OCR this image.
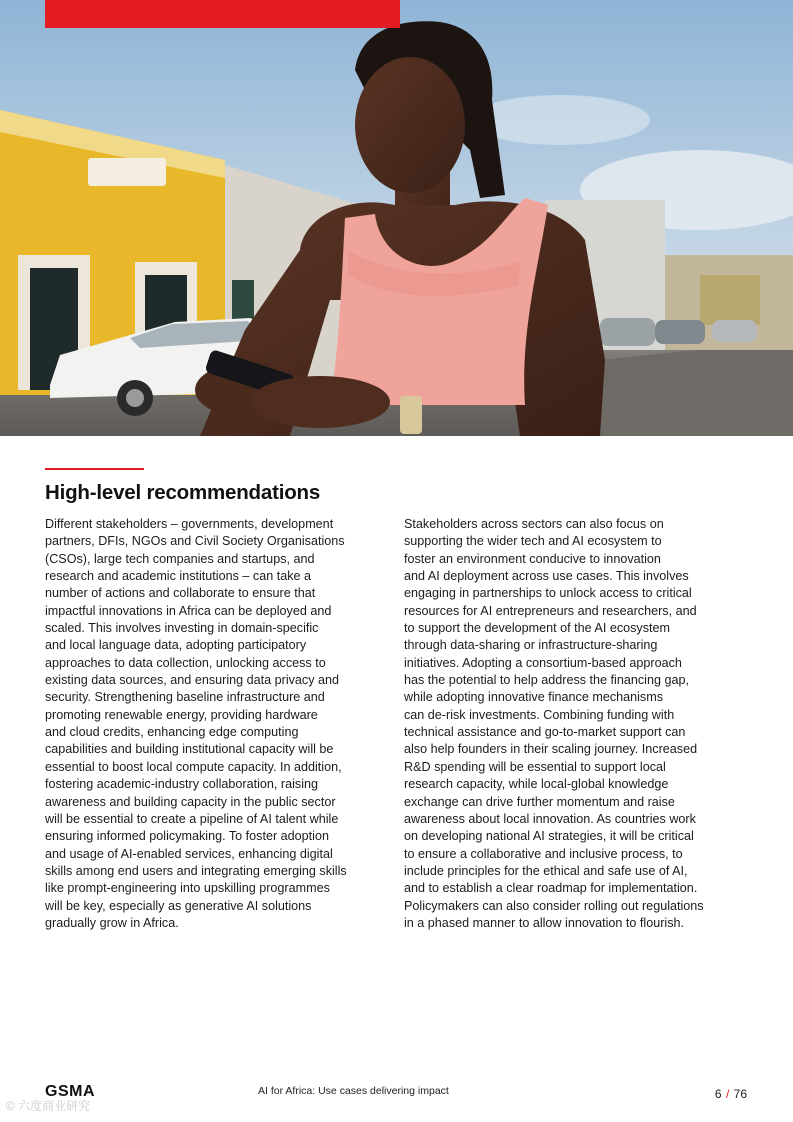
High-level recommendations

Different stakeholders – governments, development
partners, DFIs, NGOs and Civil Society Organisations
(CSOs), large tech companies and startups, and
research and academic institutions – can take a
number of actions and collaborate to ensure that
impactful innovations in Africa can be deployed and
scaled. This involves investing in domain-specific
and local language data, adopting participatory
approaches to data collection, unlocking access to
existing data sources, and ensuring data privacy and
security. Strengthening baseline infrastructure and
promoting renewable energy, providing hardware
and cloud credits, enhancing edge computing
capabilities and building institutional capacity will be
essential to boost local compute capacity. In addition,
fostering academic-industry collaboration, raising
awareness and building capacity in the public sector
will be essential to create a pipeline of AI talent while
ensuring informed policymaking. To foster adoption
and usage of AI-enabled services, enhancing digital
skills among end users and integrating emerging skills
like prompt-engineering into upskilling programmes
will be key, especially as generative AI solutions
gradually grow in Africa.

Stakeholders across sectors can also focus on
supporting the wider tech and AI ecosystem to
foster an environment conducive to innovation
and AI deployment across use cases. This involves
engaging in partnerships to unlock access to critical
resources for AI entrepreneurs and researchers, and
to support the development of the AI ecosystem
through data-sharing or infrastructure-sharing
initiatives. Adopting a consortium-based approach
has the potential to help address the financing gap,
while adopting innovative finance mechanisms
can de-risk investments. Combining funding with
technical assistance and go-to-market support can
also help founders in their scaling journey. Increased
R&D spending will be essential to support local
research capacity, while local-global knowledge
exchange can drive further momentum and raise
awareness about local innovation. As countries work
on developing national AI strategies, it will be critical
to ensure a collaborative and inclusive process, to
include principles for the ethical and safe use of AI,
and to establish a clear roadmap for implementation.
Policymakers can also consider rolling out regulations
in a phased manner to allow innovation to flourish.

GSMA	AI for Africa: Use cases delivering impact	6 / 76
© 六度商业研究
